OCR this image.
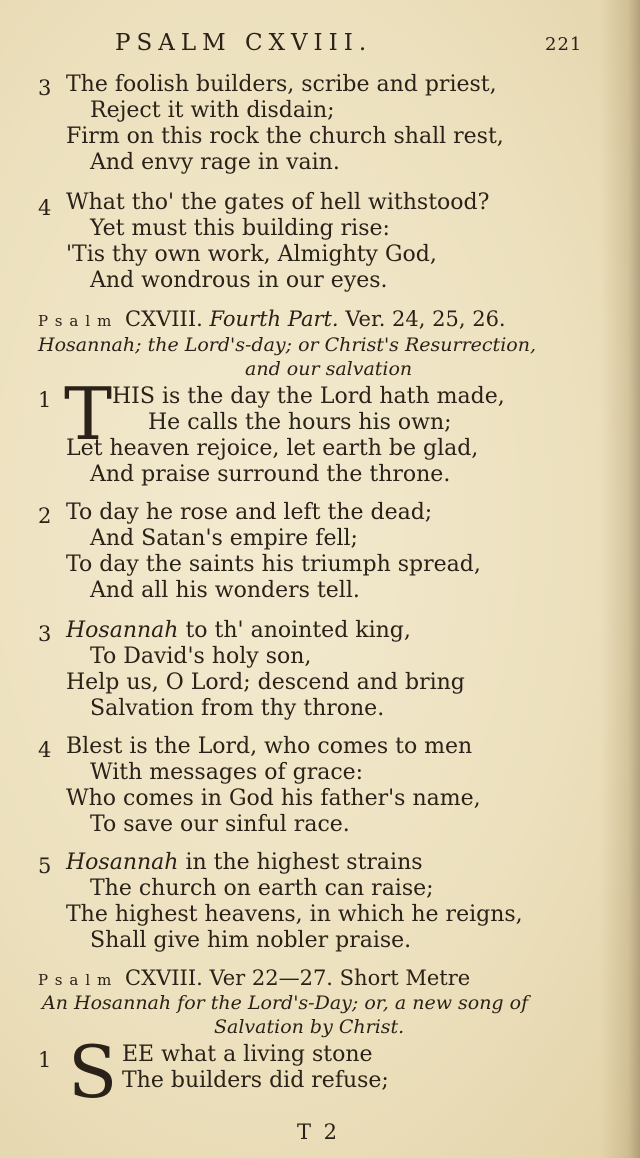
PSALM CXVIII.	221
3 The foolish builders, scribe and priest,
Reject it with disdain;
Firm on this rock the church shall rest,
And envy rage in vain.
4 What tho' the gates of hell withstood?
Yet must this building rise:
'Tis thy own work, Almighty God,
And wondrous in our eyes.
Psalm CXVIII. Fourth Part. Ver. 24, 25, 26.
Hosannah; the Lord's-day; or Christ's Resurrection,
and our salvation
1 T HIS is the day the Lord hath made,
He calls the hours his own;
Let heaven rejoice, let earth be glad,
And praise surround the throne.
2 To day he rose and left the dead;
And Satan's empire fell;
To day the saints his triumph spread,
And all his wonders tell.
3 Hosannah to th' anointed king,
To David's holy son,
Help us, O Lord; descend and bring
Salvation from thy throne.
4 Blest is the Lord, who comes to men
With messages of grace:
Who comes in God his father's name,
To save our sinful race.
5 Hosannah in the highest strains
The church on earth can raise;
The highest heavens, in which he reigns,
Shall give him nobler praise.
Psalm CXVIII. Ver 22—27. Short Metre
An Hosannah for the Lord's-Day; or, a new song of
Salvation by Christ.
1 S EE what a living stone
The builders did refuse;
T 2
